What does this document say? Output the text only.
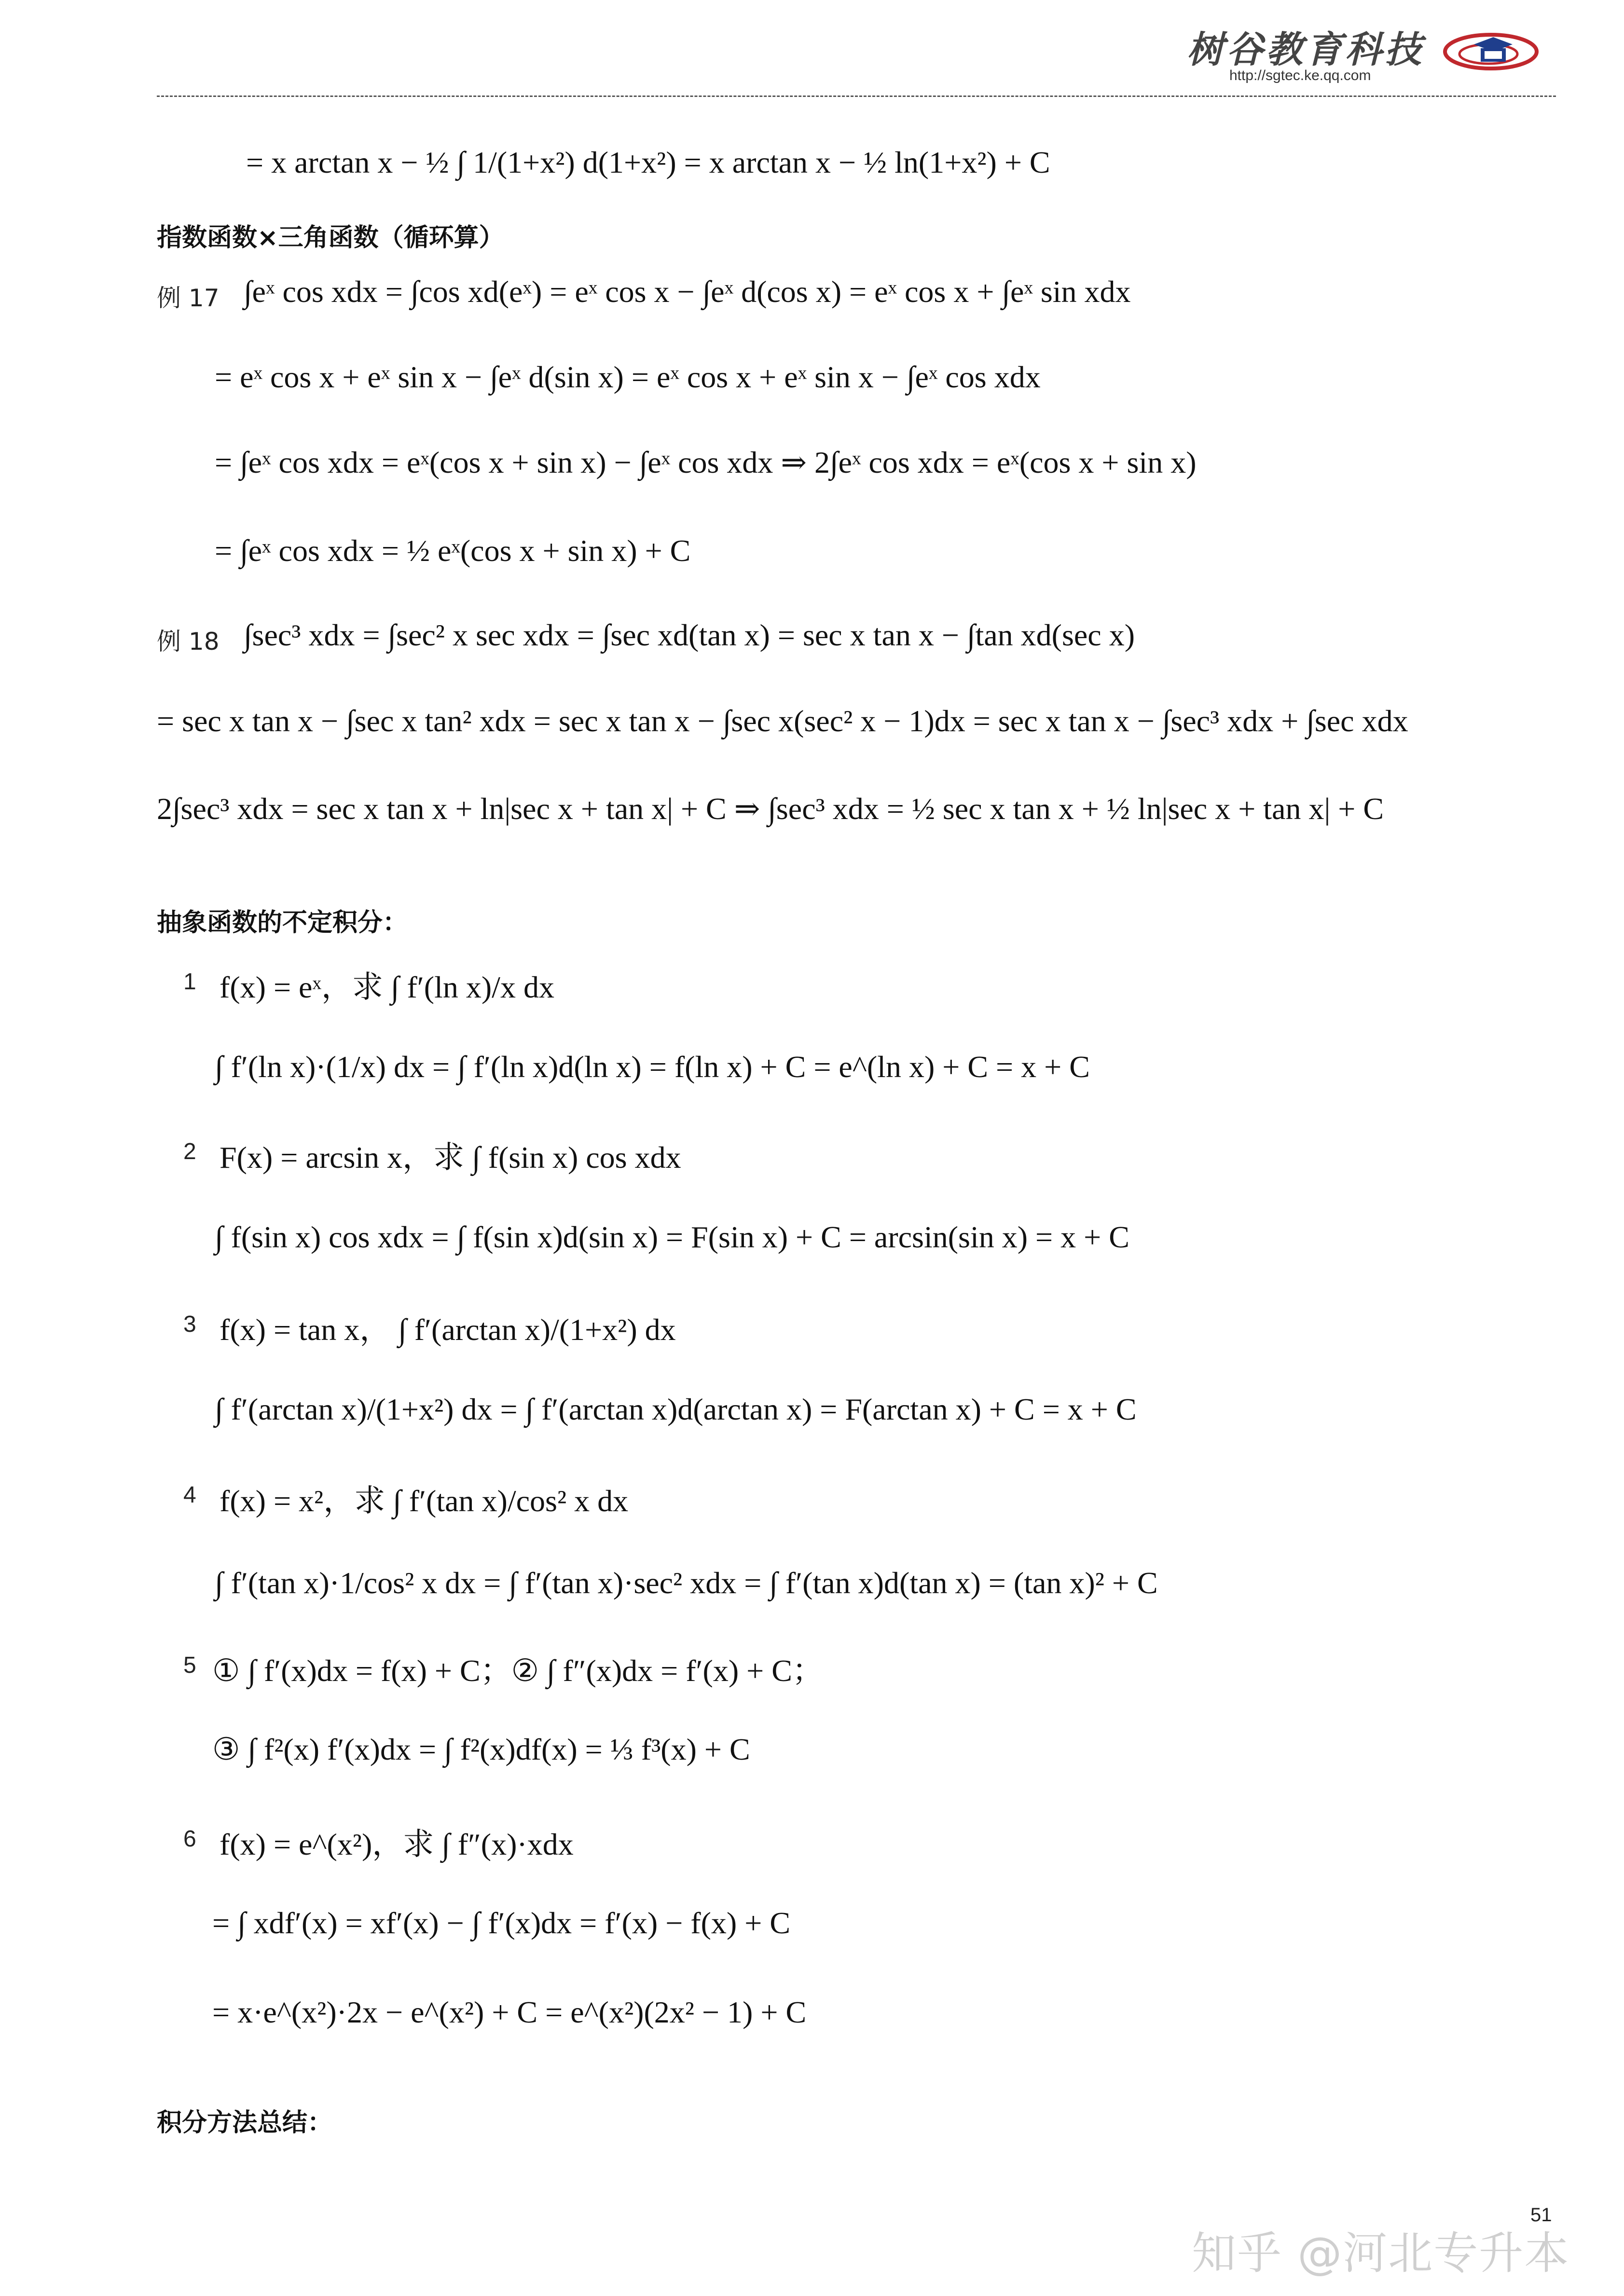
树谷教育科技
http://sgtec.ke.qq.com
= x arctan x − ½ ∫ 1/(1+x²) d(1+x²) = x arctan x − ½ ln(1+x²) + C
指数函数×三角函数（循环算）
例 17 ∫eˣ cos xdx = ∫cos xd(eˣ) = eˣ cos x − ∫eˣ d(cos x) = eˣ cos x + ∫eˣ sin xdx
= eˣ cos x + eˣ sin x − ∫eˣ d(sin x) = eˣ cos x + eˣ sin x − ∫eˣ cos xdx
= ∫eˣ cos xdx = eˣ(cos x + sin x) − ∫eˣ cos xdx ⇒ 2∫eˣ cos xdx = eˣ(cos x + sin x)
= ∫eˣ cos xdx = ½ eˣ(cos x + sin x) + C
例 18 ∫sec³ xdx = ∫sec² x sec xdx = ∫sec xd(tan x) = sec x tan x − ∫tan xd(sec x)
= sec x tan x − ∫sec x tan² xdx = sec x tan x − ∫sec x(sec² x − 1)dx = sec x tan x − ∫sec³ xdx + ∫sec xdx
2∫sec³ xdx = sec x tan x + ln|sec x + tan x| + C ⇒ ∫sec³ xdx = ½ sec x tan x + ½ ln|sec x + tan x| + C
抽象函数的不定积分：
1 f(x) = eˣ，求 ∫ f′(ln x)/x dx
∫ f′(ln x)·(1/x) dx = ∫ f′(ln x)d(ln x) = f(ln x) + C = e^(ln x) + C = x + C
2 F(x) = arcsin x，求 ∫ f(sin x) cos xdx
∫ f(sin x) cos xdx = ∫ f(sin x)d(sin x) = F(sin x) + C = arcsin(sin x) = x + C
3 f(x) = tan x， ∫ f′(arctan x)/(1+x²) dx
∫ f′(arctan x)/(1+x²) dx = ∫ f′(arctan x)d(arctan x) = F(arctan x) + C = x + C
4 f(x) = x²，求 ∫ f′(tan x)/cos² x dx
∫ f′(tan x)·1/cos² x dx = ∫ f′(tan x)·sec² xdx = ∫ f′(tan x)d(tan x) = (tan x)² + C
5 ① ∫ f′(x)dx = f(x) + C；② ∫ f″(x)dx = f′(x) + C；
③ ∫ f²(x) f′(x)dx = ∫ f²(x)df(x) = ⅓ f³(x) + C
6 f(x) = e^(x²)，求 ∫ f″(x)·xdx
= ∫ xdf′(x) = xf′(x) − ∫ f′(x)dx = f′(x) − f(x) + C
= x·e^(x²)·2x − e^(x²) + C = e^(x²)(2x² − 1) + C
积分方法总结：
51
知乎 @河北专升本
